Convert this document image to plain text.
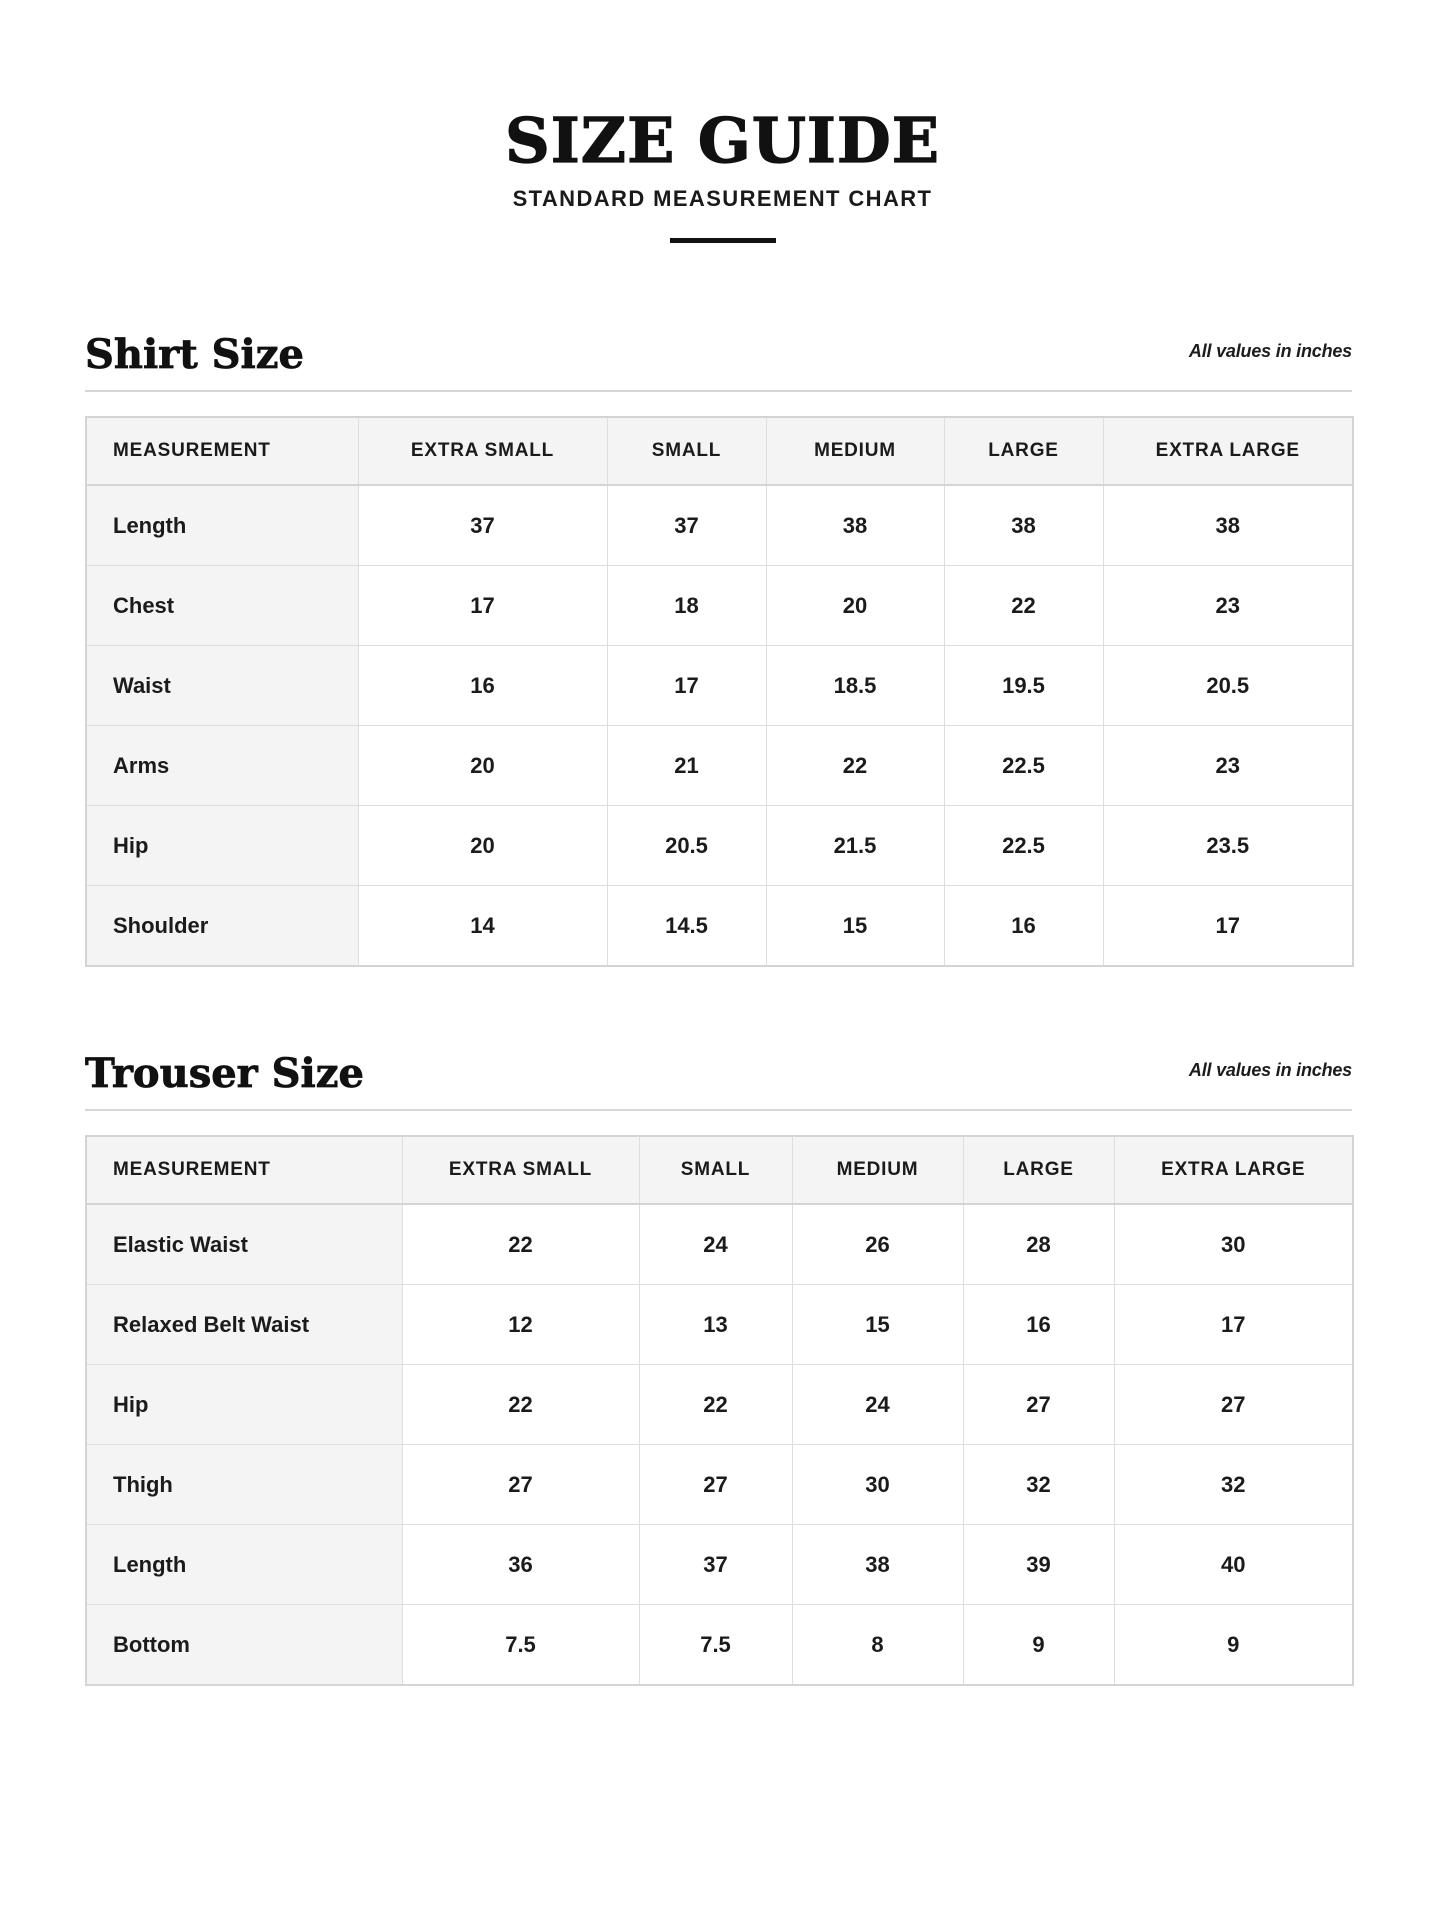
SIZE GUIDE
STANDARD MEASUREMENT CHART
Shirt Size	All values in inches
MEASUREMENT	EXTRA SMALL	SMALL	MEDIUM	LARGE	EXTRA LARGE
Length	37	37	38	38	38
Chest	17	18	20	22	23
Waist	16	17	18.5	19.5	20.5
Arms	20	21	22	22.5	23
Hip	20	20.5	21.5	22.5	23.5
Shoulder	14	14.5	15	16	17
Trouser Size	All values in inches
MEASUREMENT	EXTRA SMALL	SMALL	MEDIUM	LARGE	EXTRA LARGE
Elastic Waist	22	24	26	28	30
Relaxed Belt Waist	12	13	15	16	17
Hip	22	22	24	27	27
Thigh	27	27	30	32	32
Length	36	37	38	39	40
Bottom	7.5	7.5	8	9	9
